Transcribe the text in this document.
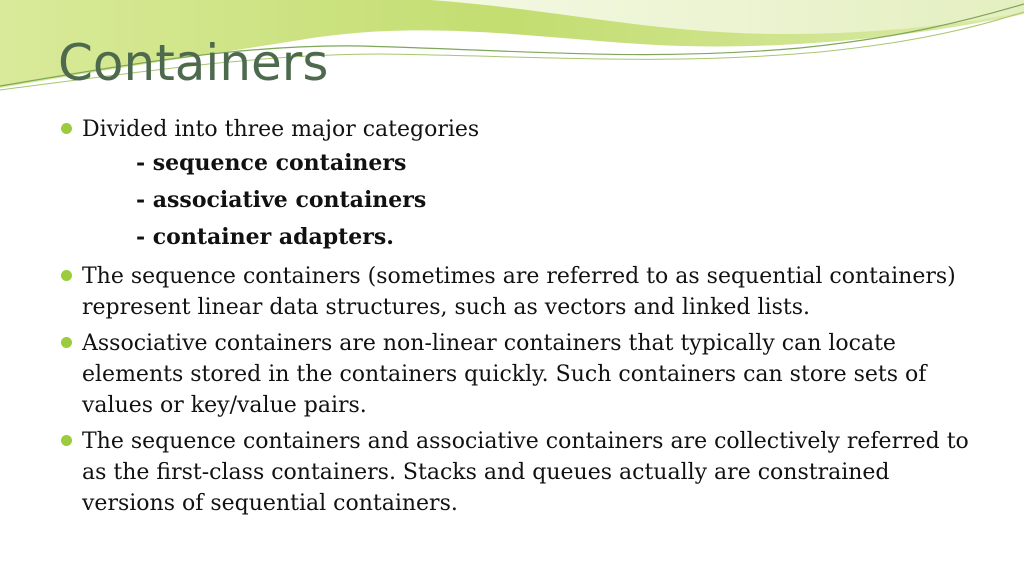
Containers
Divided into three major categories
- sequence containers
- associative containers
- container adapters.
The sequence containers (sometimes are referred to as sequential containers) represent linear data structures, such as vectors and linked lists.
Associative containers are non-linear containers that typically can locate elements stored in the containers quickly. Such containers can store sets of values or key/value pairs.
The sequence containers and associative containers are collectively referred to as the first-class containers. Stacks and queues actually are constrained versions of sequential containers.
